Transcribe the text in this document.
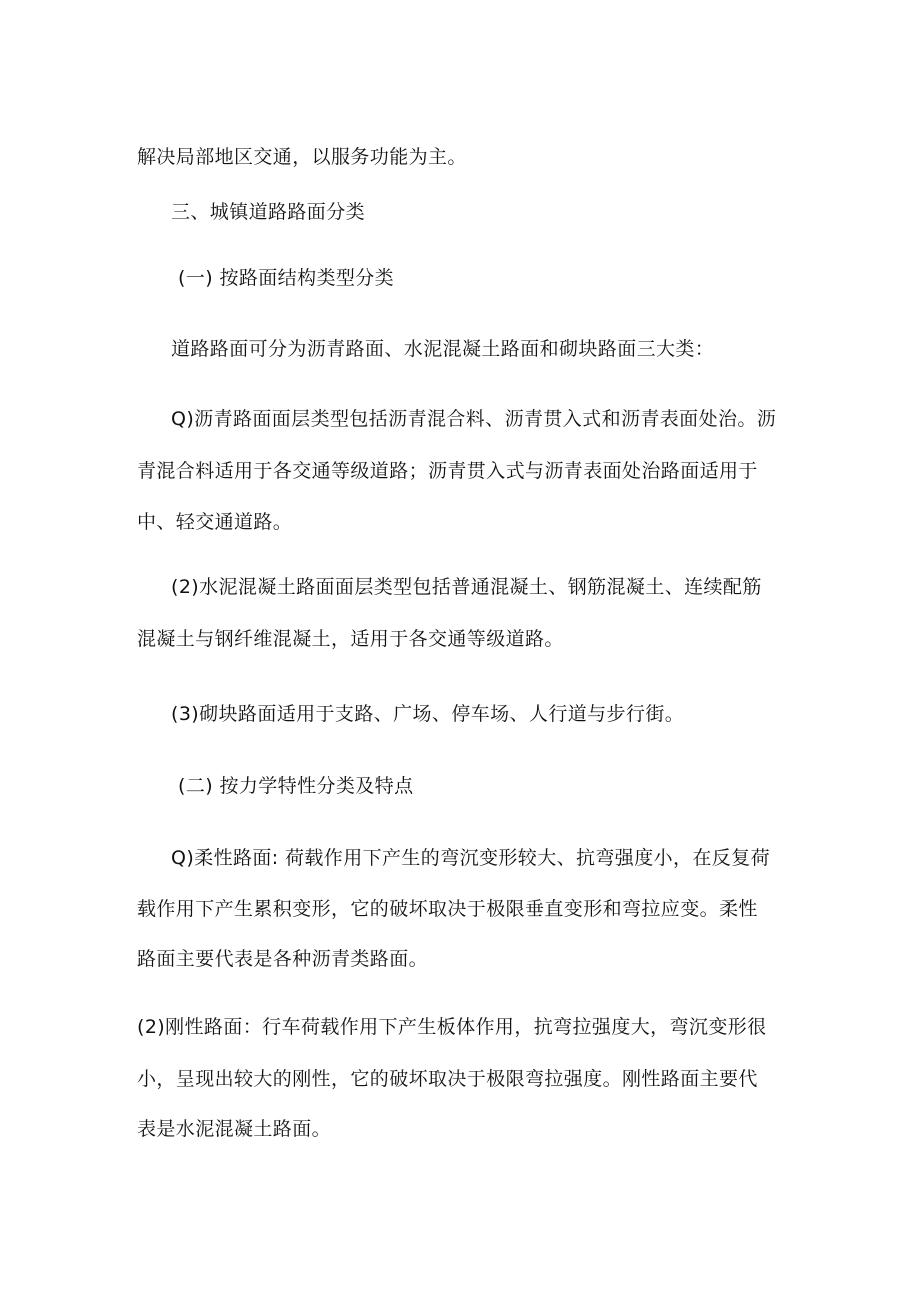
解决局部地区交通，以服务功能为主。
三、城镇道路路面分类
(一) 按路面结构类型分类
道路路面可分为沥青路面、水泥混凝土路面和砌块路面三大类：
Q)沥青路面面层类型包括沥青混合料、沥青贯入式和沥青表面处治。沥
青混合料适用于各交通等级道路；沥青贯入式与沥青表面处治路面适用于
中、轻交通道路。
(2)水泥混凝土路面面层类型包括普通混凝土、钢筋混凝土、连续配筋
混凝土与钢纤维混凝土，适用于各交通等级道路。
(3)砌块路面适用于支路、广场、停车场、人行道与步行街。
(二) 按力学特性分类及特点
Q)柔性路面: 荷载作用下产生的弯沉变形较大、抗弯强度小，在反复荷
载作用下产生累积变形，它的破坏取决于极限垂直变形和弯拉应变。柔性
路面主要代表是各种沥青类路面。
(2)刚性路面：行车荷载作用下产生板体作用，抗弯拉强度大，弯沉变形很
小，呈现出较大的刚性，它的破坏取决于极限弯拉强度。刚性路面主要代
表是水泥混凝土路面。
